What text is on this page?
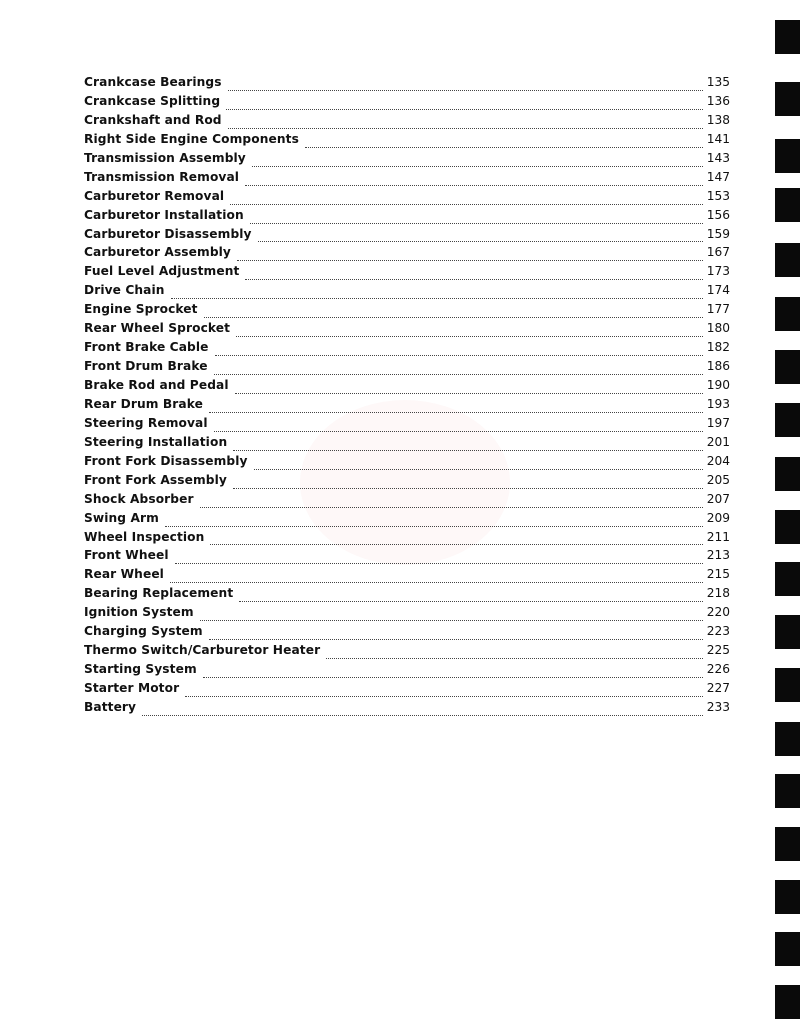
Crankcase Bearings	135
Crankcase Splitting	136
Crankshaft and Rod	138
Right Side Engine Components	141
Transmission Assembly	143
Transmission Removal	147
Carburetor Removal	153
Carburetor Installation	156
Carburetor Disassembly	159
Carburetor Assembly	167
Fuel Level Adjustment	173
Drive Chain	174
Engine Sprocket	177
Rear Wheel Sprocket	180
Front Brake Cable	182
Front Drum Brake	186
Brake Rod and Pedal	190
Rear Drum Brake	193
Steering Removal	197
Steering Installation	201
Front Fork Disassembly	204
Front Fork Assembly	205
Shock Absorber	207
Swing Arm	209
Wheel Inspection	211
Front Wheel	213
Rear Wheel	215
Bearing Replacement	218
Ignition System	220
Charging System	223
Thermo Switch/Carburetor Heater	225
Starting System	226
Starter Motor	227
Battery	233
